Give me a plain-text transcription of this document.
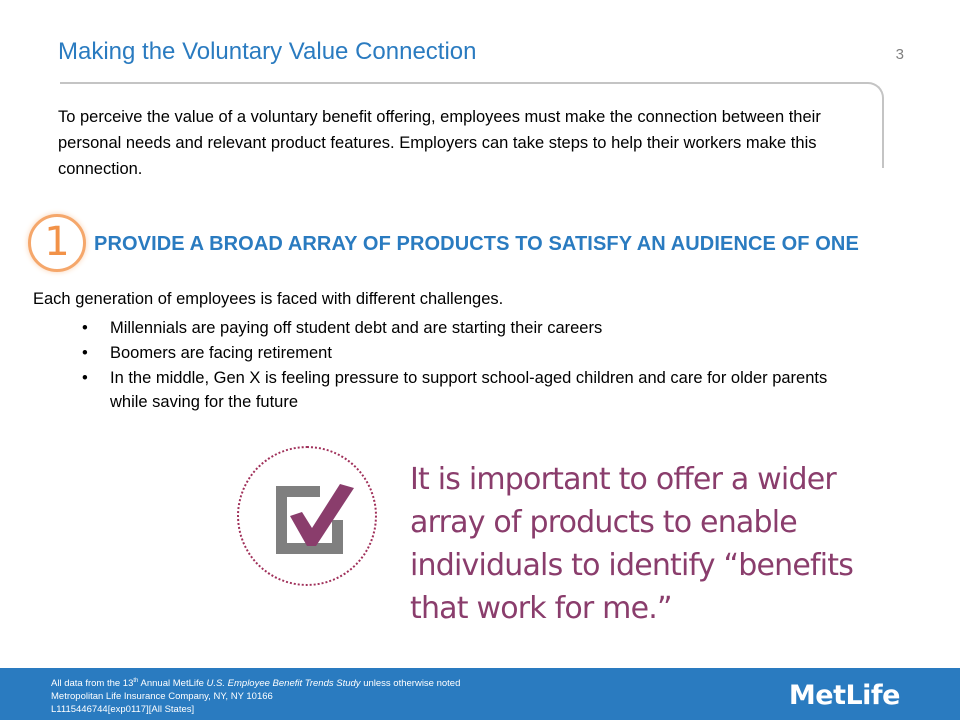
Making the Voluntary Value Connection	3

To perceive the value of a voluntary benefit offering, employees must make the connection between their personal needs and relevant product features. Employers can take steps to help their workers make this connection.

1	PROVIDE A BROAD ARRAY OF PRODUCTS TO SATISFY AN AUDIENCE OF ONE
Each generation of employees is faced with different challenges.
• Millennials are paying off student debt and are starting their careers
• Boomers are facing retirement
• In the middle, Gen X is feeling pressure to support school-aged children and care for older parents while saving for the future

It is important to offer a wider array of products to enable individuals to identify “benefits that work for me.”

All data from the 13th Annual MetLife U.S. Employee Benefit Trends Study unless otherwise noted
Metropolitan Life Insurance Company, NY, NY 10166
L1115446744[exp0117][All States]	MetLife
